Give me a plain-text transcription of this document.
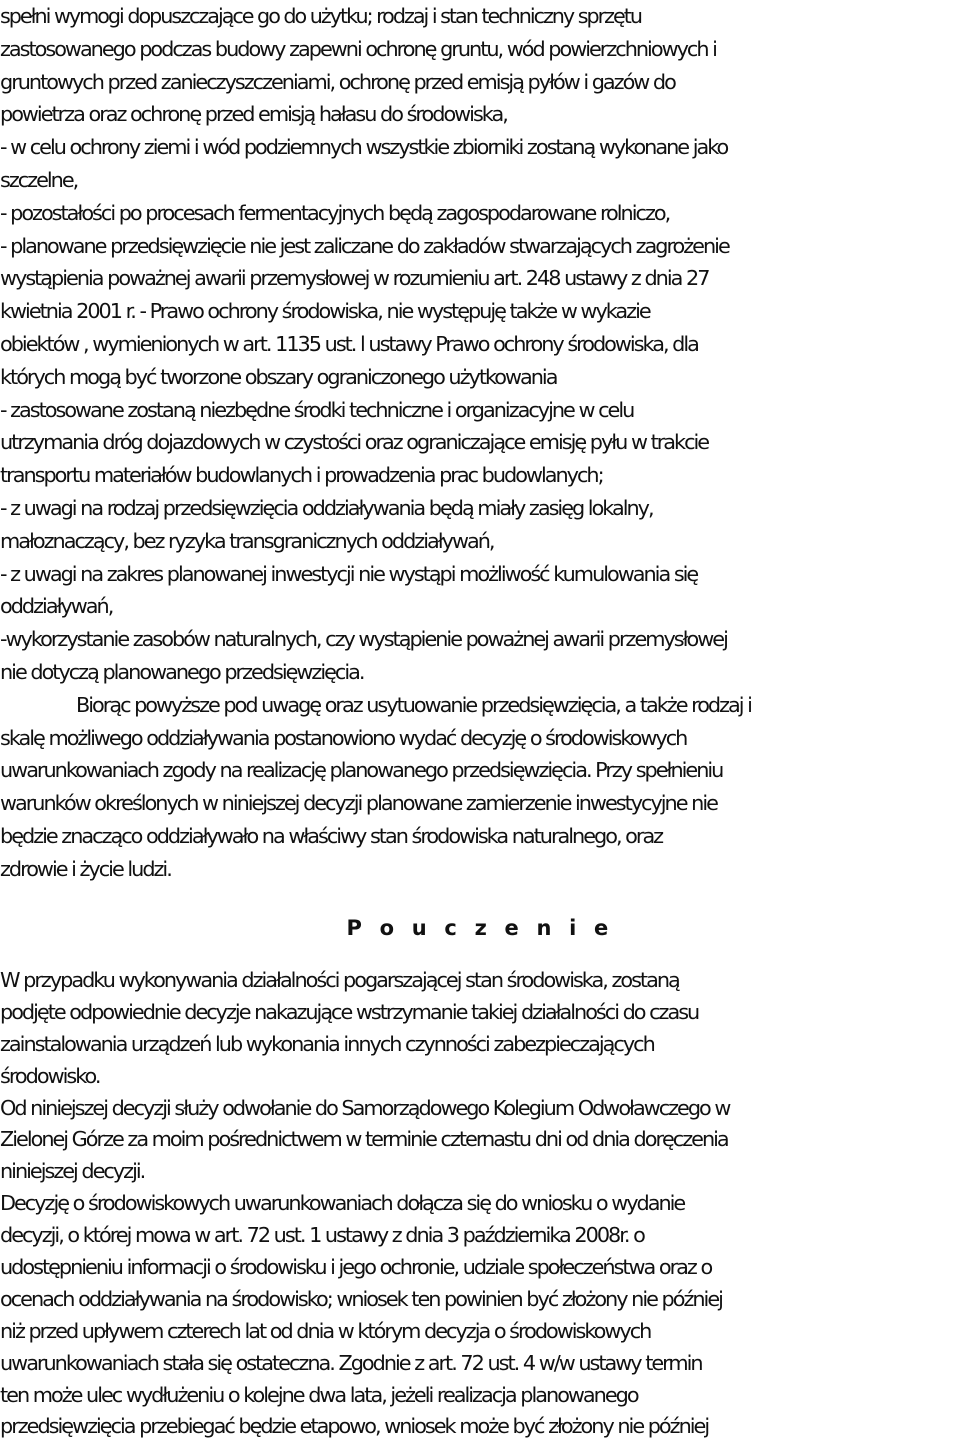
spełni wymogi dopuszczające go do użytku; rodzaj i stan techniczny sprzętu
zastosowanego podczas budowy zapewni ochronę gruntu, wód powierzchniowych i
gruntowych przed zanieczyszczeniami, ochronę przed emisją pyłów i gazów do
powietrza oraz ochronę przed emisją hałasu do środowiska,
- w celu ochrony ziemi i wód podziemnych wszystkie zbiorniki zostaną wykonane jako
szczelne,
- pozostałości po procesach fermentacyjnych będą zagospodarowane rolniczo,
- planowane przedsięwzięcie nie jest zaliczane do zakładów stwarzających zagrożenie
wystąpienia poważnej awarii przemysłowej w rozumieniu art. 248 ustawy z dnia 27
kwietnia 2001 r. - Prawo ochrony środowiska, nie występuję także w wykazie
obiektów , wymienionych w art. 1135 ust. l ustawy Prawo ochrony środowiska, dla
których mogą być tworzone obszary ograniczonego użytkowania
- zastosowane zostaną niezbędne środki techniczne i organizacyjne w celu
utrzymania dróg dojazdowych w czystości oraz ograniczające emisję pyłu w trakcie
transportu materiałów budowlanych i prowadzenia prac budowlanych;
- z uwagi na rodzaj przedsięwzięcia oddziaływania będą miały zasięg lokalny,
małoznaczący, bez ryzyka transgranicznych oddziaływań,
- z uwagi na zakres planowanej inwestycji nie wystąpi możliwość kumulowania się
oddziaływań,
-wykorzystanie zasobów naturalnych, czy wystąpienie poważnej awarii przemysłowej
nie dotyczą planowanego przedsięwzięcia.
Biorąc powyższe pod uwagę oraz usytuowanie przedsięwzięcia, a także rodzaj i
skalę możliwego oddziaływania postanowiono wydać decyzję o środowiskowych
uwarunkowaniach zgody na realizację planowanego przedsięwzięcia. Przy spełnieniu
warunków określonych w niniejszej decyzji planowane zamierzenie inwestycyjne nie
będzie znacząco oddziaływało na właściwy stan środowiska naturalnego, oraz
zdrowie i życie ludzi.
P o u c z e n i e
W przypadku wykonywania działalności pogarszającej stan środowiska, zostaną
podjęte odpowiednie decyzje nakazujące wstrzymanie takiej działalności do czasu
zainstalowania urządzeń lub wykonania innych czynności zabezpieczających
środowisko.
Od niniejszej decyzji służy odwołanie do Samorządowego Kolegium Odwoławczego w
Zielonej Górze za moim pośrednictwem w terminie czternastu dni od dnia doręczenia
niniejszej decyzji.
Decyzję o środowiskowych uwarunkowaniach dołącza się do wniosku o wydanie
decyzji, o której mowa w art. 72 ust. 1 ustawy z dnia 3 października 2008r. o
udostępnieniu informacji o środowisku i jego ochronie, udziale społeczeństwa oraz o
ocenach oddziaływania na środowisko; wniosek ten powinien być złożony nie później
niż przed upływem czterech lat od dnia w którym decyzja o środowiskowych
uwarunkowaniach stała się ostateczna. Zgodnie z art. 72 ust. 4 w/w ustawy termin
ten może ulec wydłużeniu o kolejne dwa lata, jeżeli realizacja planowanego
przedsięwzięcia przebiegać będzie etapowo, wniosek może być złożony nie później
